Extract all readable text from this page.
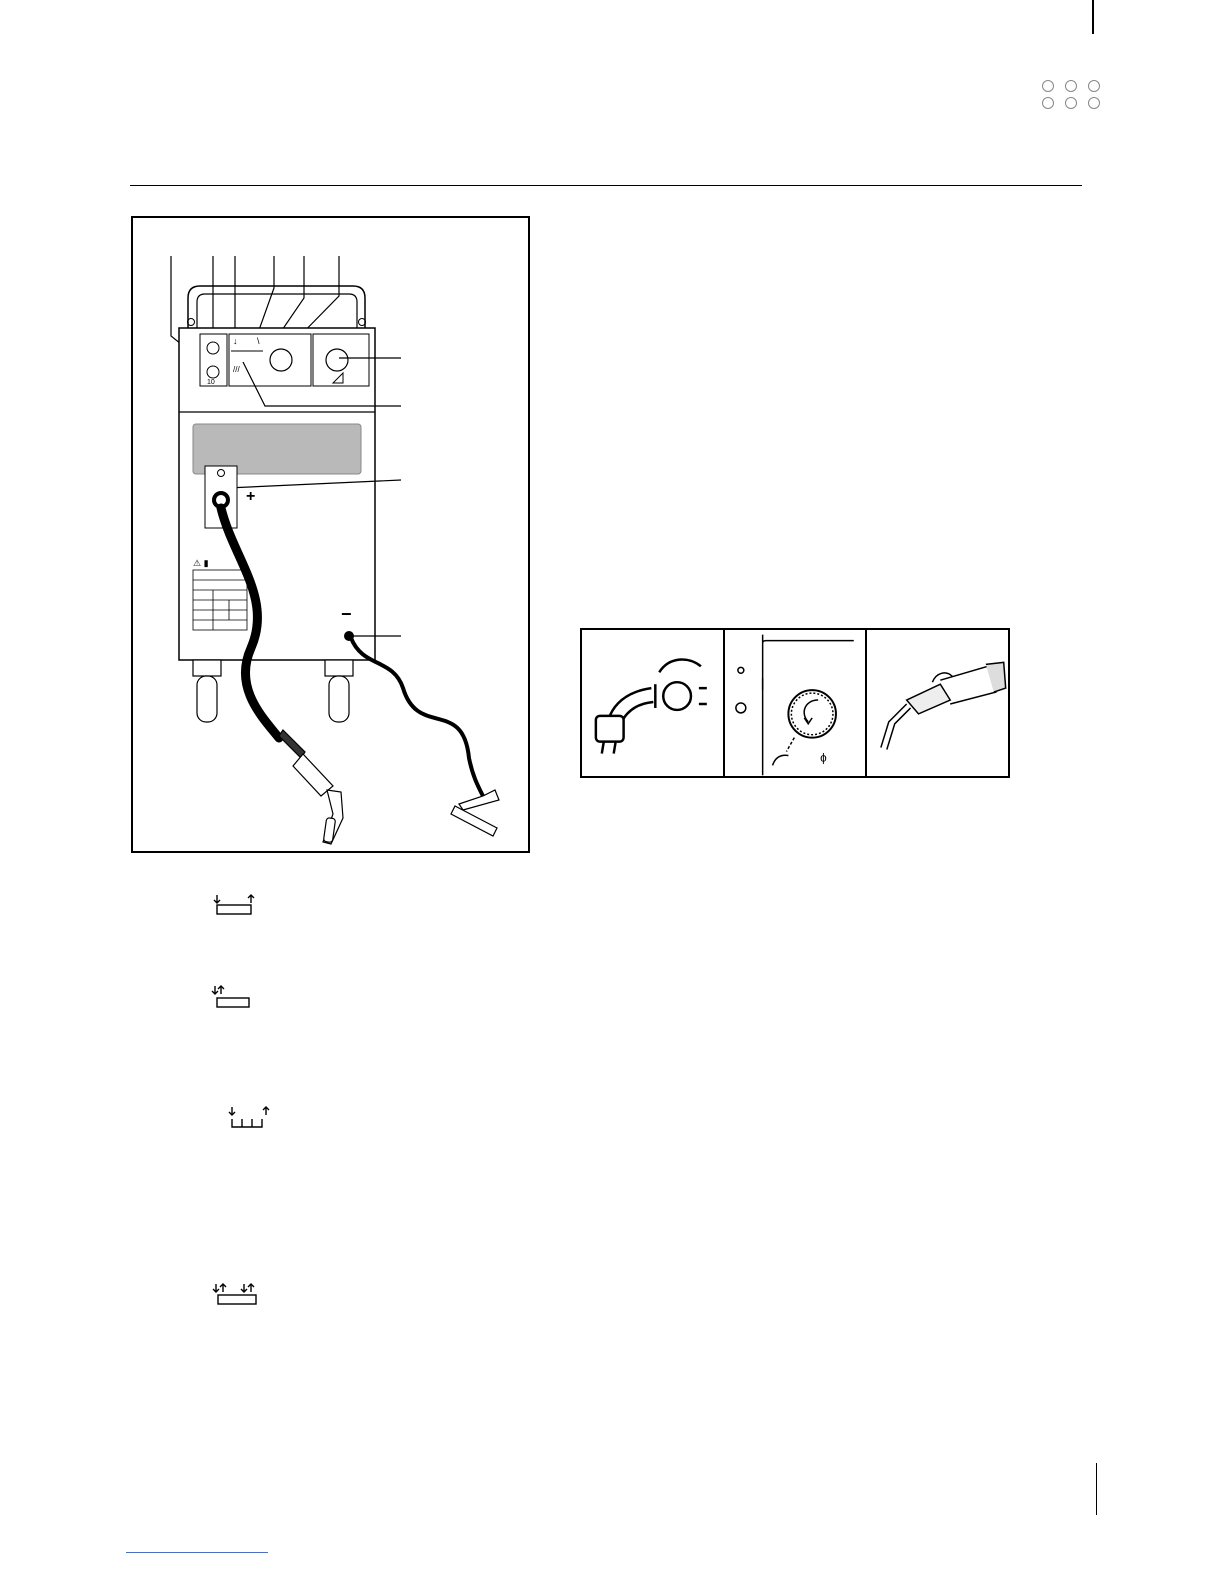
10
↓ \
///
+
⚠ ▮
−
ɸ
